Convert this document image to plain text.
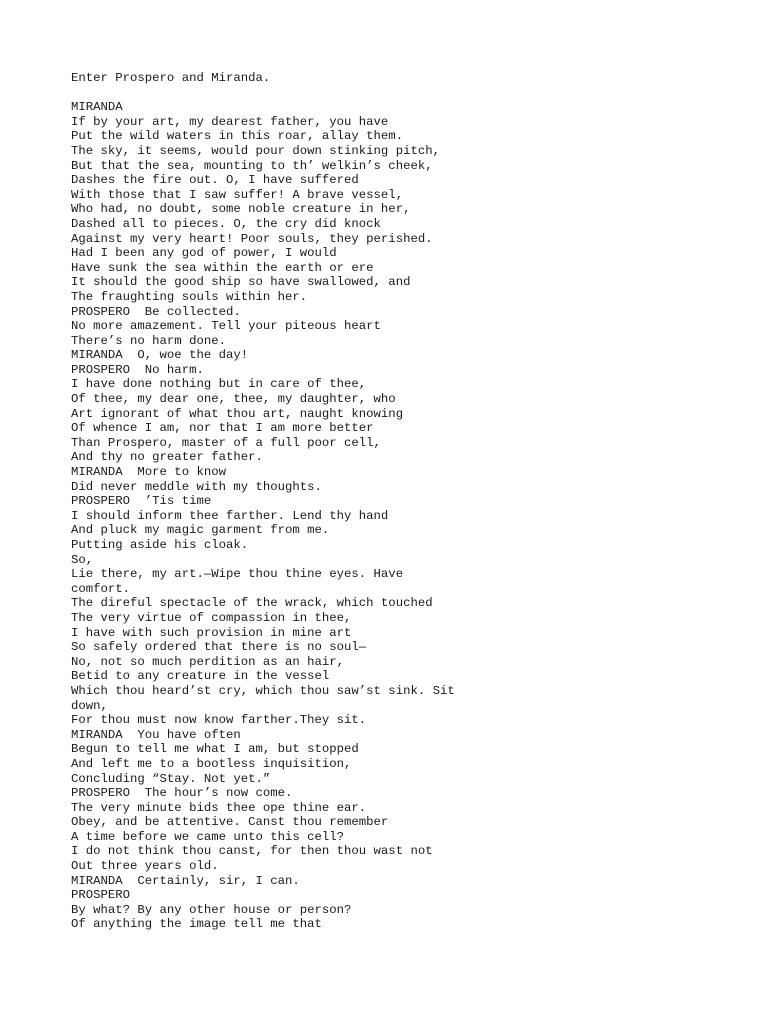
Enter Prospero and Miranda.
MIRANDA
If by your art, my dearest father, you have
Put the wild waters in this roar, allay them.
The sky, it seems, would pour down stinking pitch,
But that the sea, mounting to th’ welkin’s cheek,
Dashes the fire out. O, I have suffered
With those that I saw suffer! A brave vessel,
Who had, no doubt, some noble creature in her,
Dashed all to pieces. O, the cry did knock
Against my very heart! Poor souls, they perished.
Had I been any god of power, I would
Have sunk the sea within the earth or ere
It should the good ship so have swallowed, and
The fraughting souls within her.
PROSPERO  Be collected.
No more amazement. Tell your piteous heart
There’s no harm done.
MIRANDA  O, woe the day!
PROSPERO  No harm.
I have done nothing but in care of thee,
Of thee, my dear one, thee, my daughter, who
Art ignorant of what thou art, naught knowing
Of whence I am, nor that I am more better
Than Prospero, master of a full poor cell,
And thy no greater father.
MIRANDA  More to know
Did never meddle with my thoughts.
PROSPERO  ’Tis time
I should inform thee farther. Lend thy hand
And pluck my magic garment from me.
Putting aside his cloak.
So,
Lie there, my art.—Wipe thou thine eyes. Have
comfort.
The direful spectacle of the wrack, which touched
The very virtue of compassion in thee,
I have with such provision in mine art
So safely ordered that there is no soul—
No, not so much perdition as an hair,
Betid to any creature in the vessel
Which thou heard’st cry, which thou saw’st sink. Sit
down,
For thou must now know farther.They sit.
MIRANDA  You have often
Begun to tell me what I am, but stopped
And left me to a bootless inquisition,
Concluding “Stay. Not yet.”
PROSPERO  The hour’s now come.
The very minute bids thee ope thine ear.
Obey, and be attentive. Canst thou remember
A time before we came unto this cell?
I do not think thou canst, for then thou wast not
Out three years old.
MIRANDA  Certainly, sir, I can.
PROSPERO
By what? By any other house or person?
Of anything the image tell me that
